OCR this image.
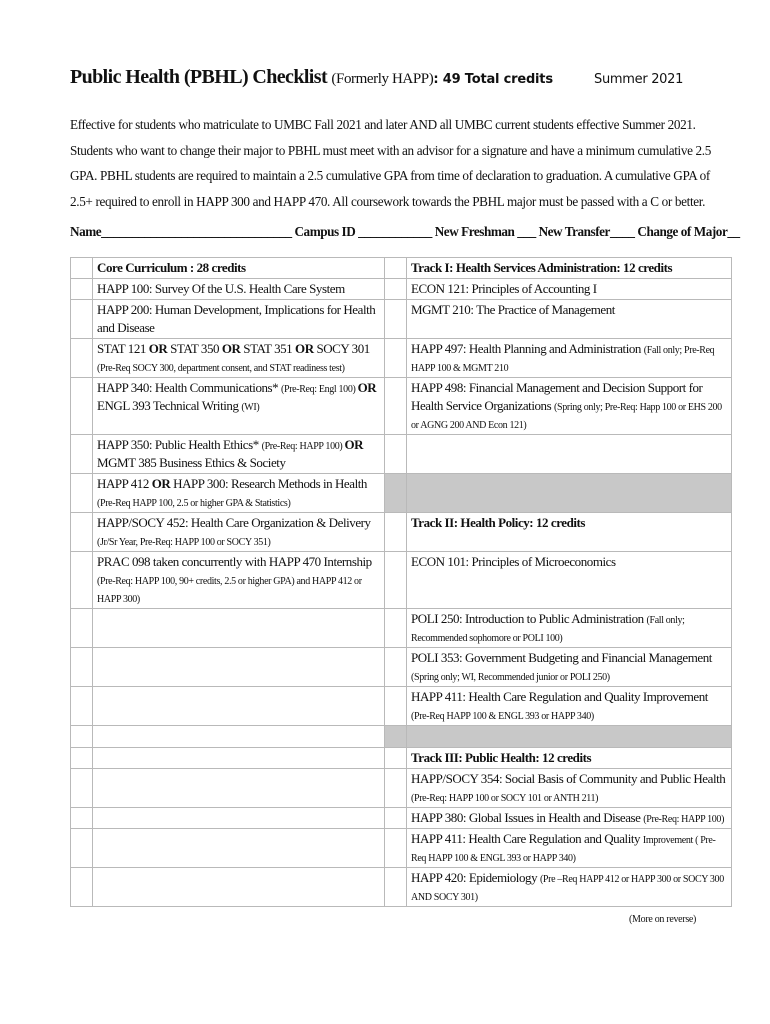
Public Health (PBHL) Checklist (Formerly HAPP): 49 Total credits	Summer 2021
Effective for students who matriculate to UMBC Fall 2021 and later AND all UMBC current students effective Summer 2021. Students who want to change their major to PBHL must meet with an advisor for a signature and have a minimum cumulative 2.5 GPA. PBHL students are required to maintain a 2.5 cumulative GPA from time of declaration to graduation. A cumulative GPA of 2.5+ required to enroll in HAPP 300 and HAPP 470. All coursework towards the PBHL major must be passed with a C or better.
Name_______________________________ Campus ID ____________ New Freshman ___ New Transfer____ Change of Major__
	Core Curriculum : 28 credits		Track I: Health Services Administration: 12 credits
	HAPP 100: Survey Of the U.S. Health Care System		ECON 121: Principles of Accounting I
	HAPP 200: Human Development, Implications for Health and Disease		MGMT 210: The Practice of Management
	STAT 121 OR STAT 350 OR STAT 351 OR SOCY 301 (Pre-Req SOCY 300, department consent, and STAT readiness test)		HAPP 497: Health Planning and Administration (Fall only; Pre-Req HAPP 100 & MGMT 210
	HAPP 340: Health Communications* (Pre-Req: Engl 100) OR ENGL 393 Technical Writing (WI)		HAPP 498: Financial Management and Decision Support for Health Service Organizations (Spring only; Pre-Req: Happ 100 or EHS 200 or AGNG 200 AND Econ 121)
	HAPP 350: Public Health Ethics* (Pre-Req: HAPP 100) OR MGMT 385 Business Ethics & Society		
	HAPP 412 OR HAPP 300: Research Methods in Health (Pre-Req HAPP 100, 2.5 or higher GPA & Statistics)		
	HAPP/SOCY 452: Health Care Organization & Delivery (Jr/Sr Year, Pre-Req: HAPP 100 or SOCY 351)		Track II: Health Policy: 12 credits
	PRAC 098 taken concurrently with HAPP 470 Internship (Pre-Req: HAPP 100, 90+ credits, 2.5 or higher GPA) and HAPP 412 or HAPP 300)		ECON 101: Principles of Microeconomics
			POLI 250: Introduction to Public Administration (Fall only; Recommended sophomore or POLI 100)
			POLI 353: Government Budgeting and Financial Management (Spring only; WI, Recommended junior or POLI 250)
			HAPP 411: Health Care Regulation and Quality Improvement (Pre-Req HAPP 100 & ENGL 393 or HAPP 340)

			Track III: Public Health: 12 credits
			HAPP/SOCY 354: Social Basis of Community and Public Health (Pre-Req: HAPP 100 or SOCY 101 or ANTH 211)
			HAPP 380: Global Issues in Health and Disease (Pre-Req: HAPP 100)
			HAPP 411: Health Care Regulation and Quality Improvement ( Pre-Req HAPP 100 & ENGL 393 or HAPP 340)
			HAPP 420: Epidemiology (Pre –Req HAPP 412 or HAPP 300 or SOCY 300 AND SOCY 301)
(More on reverse)
